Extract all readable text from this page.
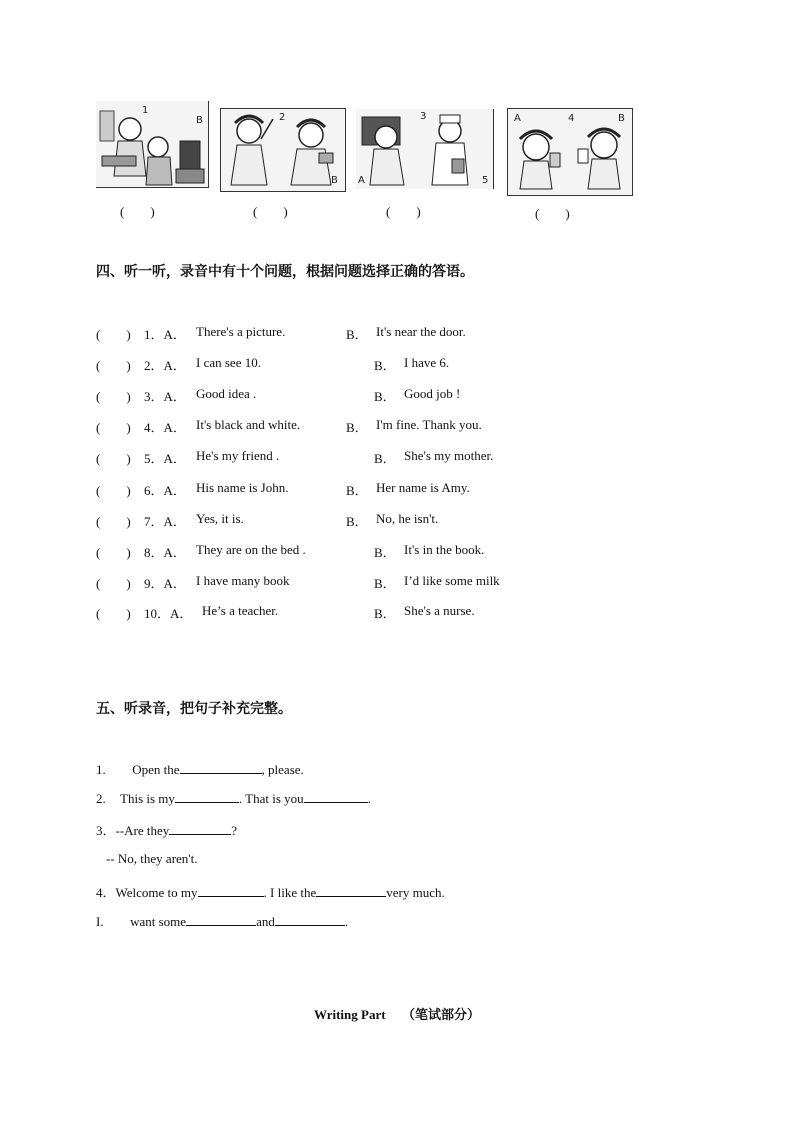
1
B
(　　)
2
B
(　　)
3
A	5
(　　)
A	4	B
(　　)
四、听一听，录音中有十个问题，根据问题选择正确的答语。
(　　) 1．A． There's a picture.	B． It's near the door.
(　　) 2．A． I can see 10.	B． I have 6.
(　　) 3．A． Good idea .	B． Good job !
(　　) 4．A． It's black and white.	B． I'm fine. Thank you.
(　　) 5．A． He's my friend .	B． She's my mother.
(　　) 6．A． His name is John.	B． Her name is Amy.
(　　) 7．A． Yes, it is.	B． No, he isn't.
(　　) 8．A． They are on the bed .	B． It's in the book.
(　　) 9．A． I have many book	B． I’d like some milk
(　　) 10．A． He’s a teacher.	B． She's a nurse.
五、听录音，把句子补充完整。
1. Open the	, please.
2. This is my	. That is you	.
3．--Are they	?
-- No, they aren't.
4．Welcome to my	. I like the	very much.
I. want some	and	.
Writing Part （笔试部分）
